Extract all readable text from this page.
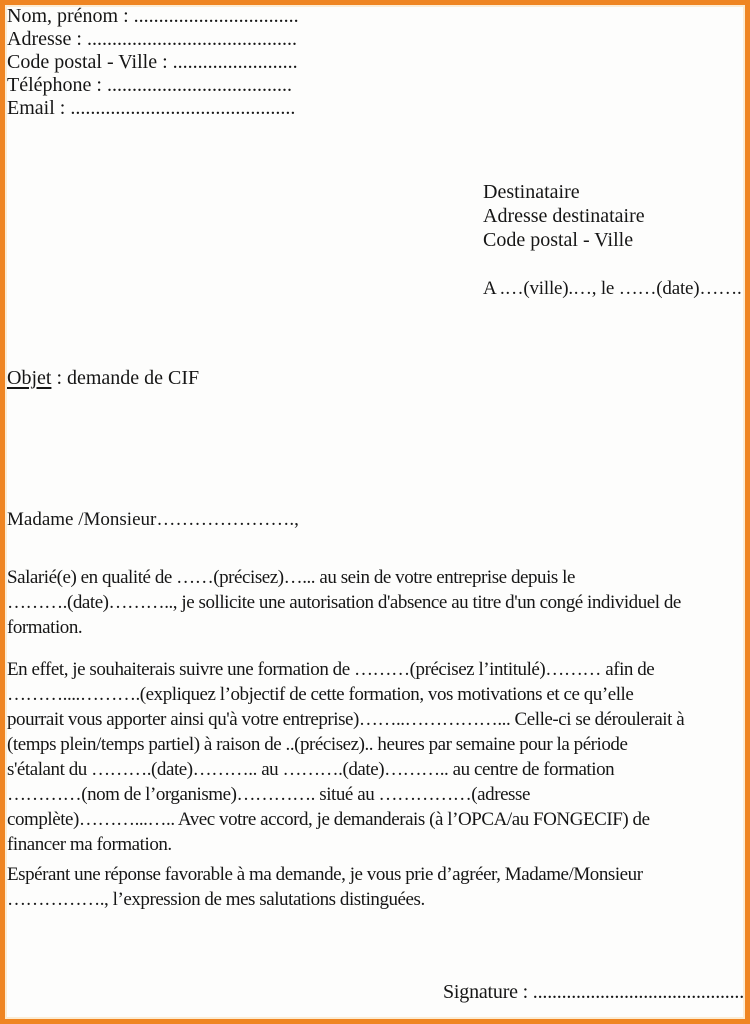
Nom, prénom : .................................
Adresse : ..........................................
Code postal - Ville : .........................
Téléphone : .....................................
Email : .............................................
Destinataire
Adresse destinataire
Code postal - Ville
A .…(ville).…, le ……(date)…….
Objet : demande de CIF
Madame /Monsieur………………….,
Salarié(e) en qualité de ……(précisez)…... au sein de votre entreprise depuis le
……….(date)……….., je sollicite une autorisation d'absence au titre d'un congé individuel de
formation.
En effet, je souhaiterais suivre une formation de ………(précisez l’intitulé)……… afin de
………....……….(expliquez l’objectif de cette formation, vos motivations et ce qu’elle
pourrait vous apporter ainsi qu'à votre entreprise)……..……………... Celle-ci se déroulerait à
(temps plein/temps partiel) à raison de ..(précisez).. heures par semaine pour la période
s'étalant du ……….(date)……….. au ……….(date)……….. au centre de formation
…………(nom de l’organisme)…………. situé au ……………(adresse
complète)………...….. Avec votre accord, je demanderais (à l’OPCA/au FONGECIF) de
financer ma formation.
Espérant une réponse favorable à ma demande, je vous prie d’agréer, Madame/Monsieur
……………., l’expression de mes salutations distinguées.
Signature : ............................................
